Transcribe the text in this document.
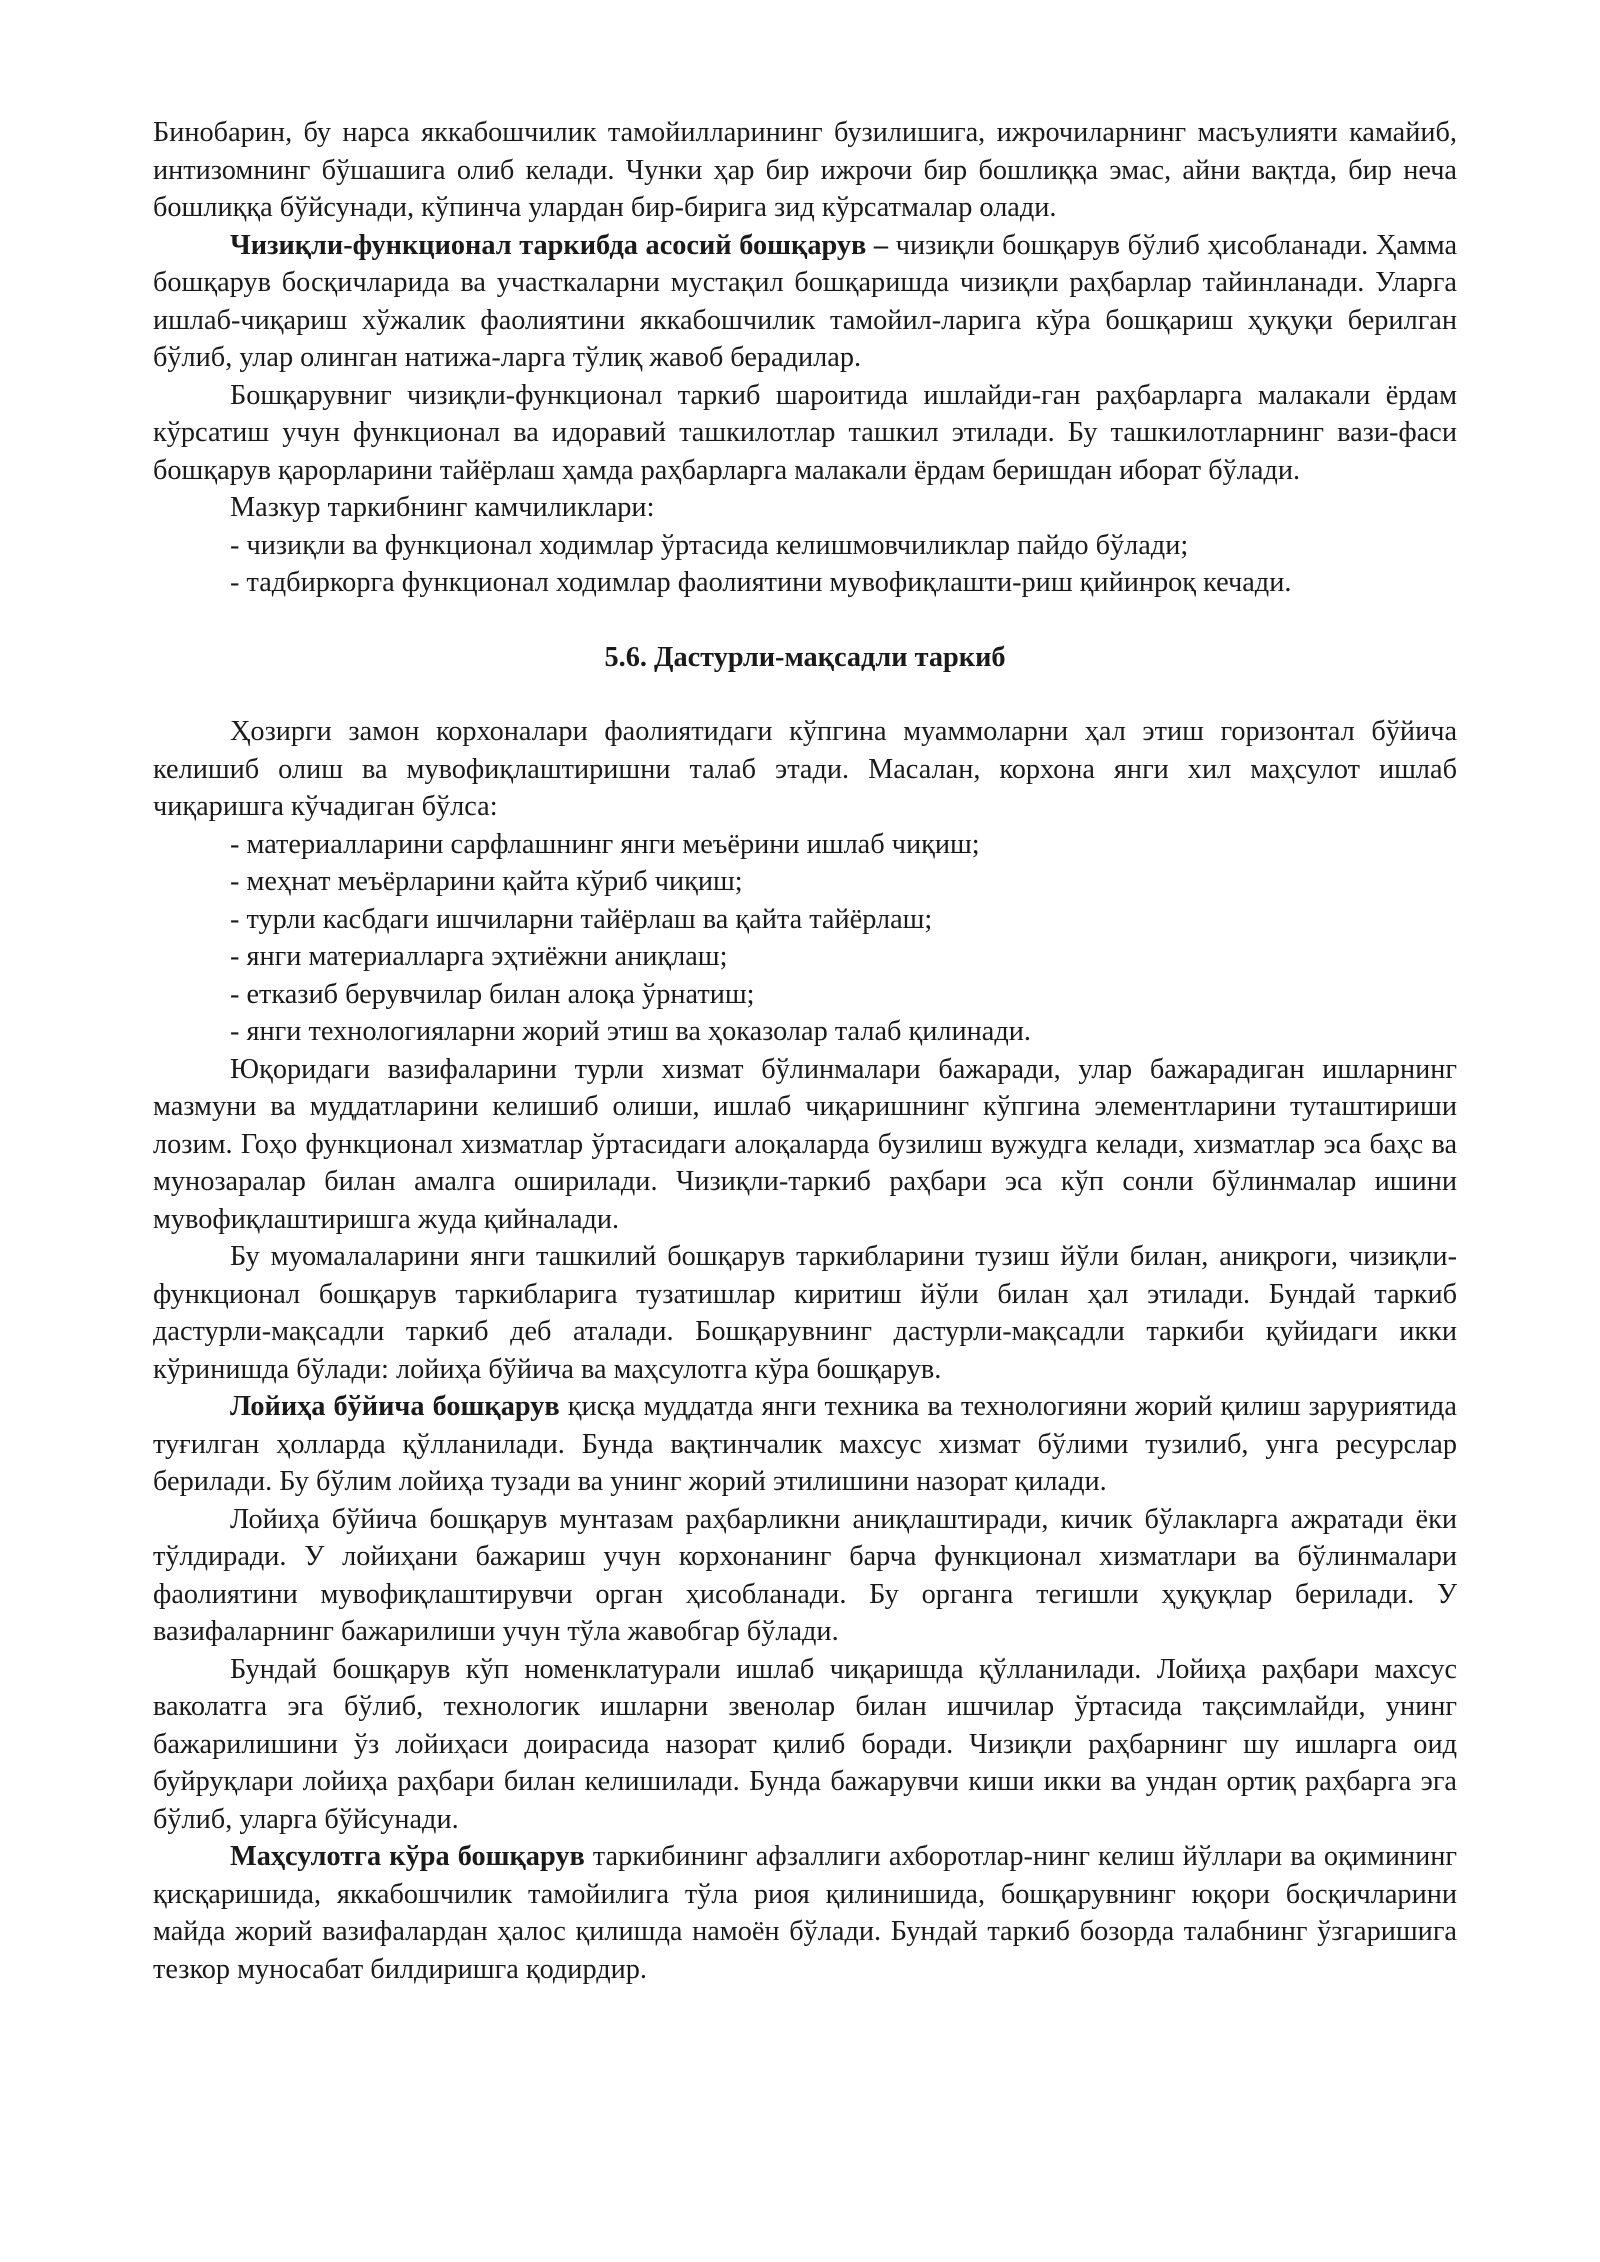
Бинобарин, бу нарса яккабошчилик тамойилларининг бузилишига, ижрочиларнинг масъулияти камайиб, интизомнинг бўшашига олиб келади. Чунки ҳар бир ижрочи бир бошлиққа эмас, айни вақтда, бир неча бошлиққа бўйсунади, кўпинча улардан бир-бирига зид кўрсатмалар олади.

Чизиқли-функционал таркибда асосий бошқарув – чизиқли бошқарув бўлиб ҳисобланади. Ҳамма бошқарув босқичларида ва участкаларни мустақил бошқаришда чизиқли раҳбарлар тайинланади. Уларга ишлаб-чиқариш хўжалик фаолиятини яккабошчилик тамойил-ларига кўра бошқариш ҳуқуқи берилган бўлиб, улар олинган натижа-ларга тўлиқ жавоб берадилар.

Бошқарувниг чизиқли-функционал таркиб шароитида ишлайди-ган раҳбарларга малакали ёрдам кўрсатиш учун функционал ва идоравий ташкилотлар ташкил этилади. Бу ташкилотларнинг вази-фаси бошқарув қарорларини тайёрлаш ҳамда раҳбарларга малакали ёрдам беришдан иборат бўлади.

Мазкур таркибнинг камчиликлари:

- чизиқли ва функционал ходимлар ўртасида келишмовчиликлар пайдо бўлади;

- тадбиркорга функционал ходимлар фаолиятини мувофиқлашти-риш қийинроқ кечади.

5.6. Дастурли-мақсадли таркиб

Ҳозирги замон корхоналари фаолиятидаги кўпгина муаммоларни ҳал этиш горизонтал бўйича келишиб олиш ва мувофиқлаштиришни талаб этади. Масалан, корхона янги хил маҳсулот ишлаб чиқаришга кўчадиган бўлса:

- материалларини сарфлашнинг янги меъёрини ишлаб чиқиш;

- меҳнат меъёрларини қайта кўриб чиқиш;

- турли касбдаги ишчиларни тайёрлаш ва қайта тайёрлаш;

- янги материалларга эҳтиёжни аниқлаш;

- етказиб берувчилар билан алоқа ўрнатиш;

- янги технологияларни жорий этиш ва ҳоказолар талаб қилинади.

Юқоридаги вазифаларини турли хизмат бўлинмалари бажаради, улар бажарадиган ишларнинг мазмуни ва муддатларини келишиб олиши, ишлаб чиқаришнинг кўпгина элементларини туташтириши лозим. Гоҳо функционал хизматлар ўртасидаги алоқаларда бузилиш вужудга келади, хизматлар эса баҳс ва мунозаралар билан амалга оширилади. Чизиқли-таркиб раҳбари эса кўп сонли бўлинмалар ишини мувофиқлаштиришга жуда қийналади.

Бу муомалаларини янги ташкилий бошқарув таркибларини тузиш йўли билан, аниқроги, чизиқли-функционал бошқарув таркибларига тузатишлар киритиш йўли билан ҳал этилади. Бундай таркиб дастурли-мақсадли таркиб деб аталади. Бошқарувнинг дастурли-мақсадли таркиби қуйидаги икки кўринишда бўлади: лойиҳа бўйича ва маҳсулотга кўра бошқарув.

Лойиҳа бўйича бошқарув қисқа муддатда янги техника ва технологияни жорий қилиш заруриятида туғилган ҳолларда қўлланилади. Бунда вақтинчалик махсус хизмат бўлими тузилиб, унга ресурслар берилади. Бу бўлим лойиҳа тузади ва унинг жорий этилишини назорат қилади.

Лойиҳа бўйича бошқарув мунтазам раҳбарликни аниқлаштиради, кичик бўлакларга ажратади ёки тўлдиради. У лойиҳани бажариш учун корхонанинг барча функционал хизматлари ва бўлинмалари фаолиятини мувофиқлаштирувчи орган ҳисобланади. Бу органга тегишли ҳуқуқлар берилади. У вазифаларнинг бажарилиши учун тўла жавобгар бўлади.

Бундай бошқарув кўп номенклатурали ишлаб чиқаришда қўлланилади. Лойиҳа раҳбари махсус ваколатга эга бўлиб, технологик ишларни звенолар билан ишчилар ўртасида тақсимлайди, унинг бажарилишини ўз лойиҳаси доирасида назорат қилиб боради. Чизиқли раҳбарнинг шу ишларга оид буйруқлари лойиҳа раҳбари билан келишилади. Бунда бажарувчи киши икки ва ундан ортиқ раҳбарга эга бўлиб, уларга бўйсунади.

Маҳсулотга кўра бошқарув таркибининг афзаллиги ахборотлар-нинг келиш йўллари ва оқимининг қисқаришида, яккабошчилик тамойилига тўла риоя қилинишида, бошқарувнинг юқори босқичларини майда жорий вазифалардан ҳалос қилишда намоён бўлади. Бундай таркиб бозорда талабнинг ўзгаришига тезкор муносабат билдиришга қодирдир.
